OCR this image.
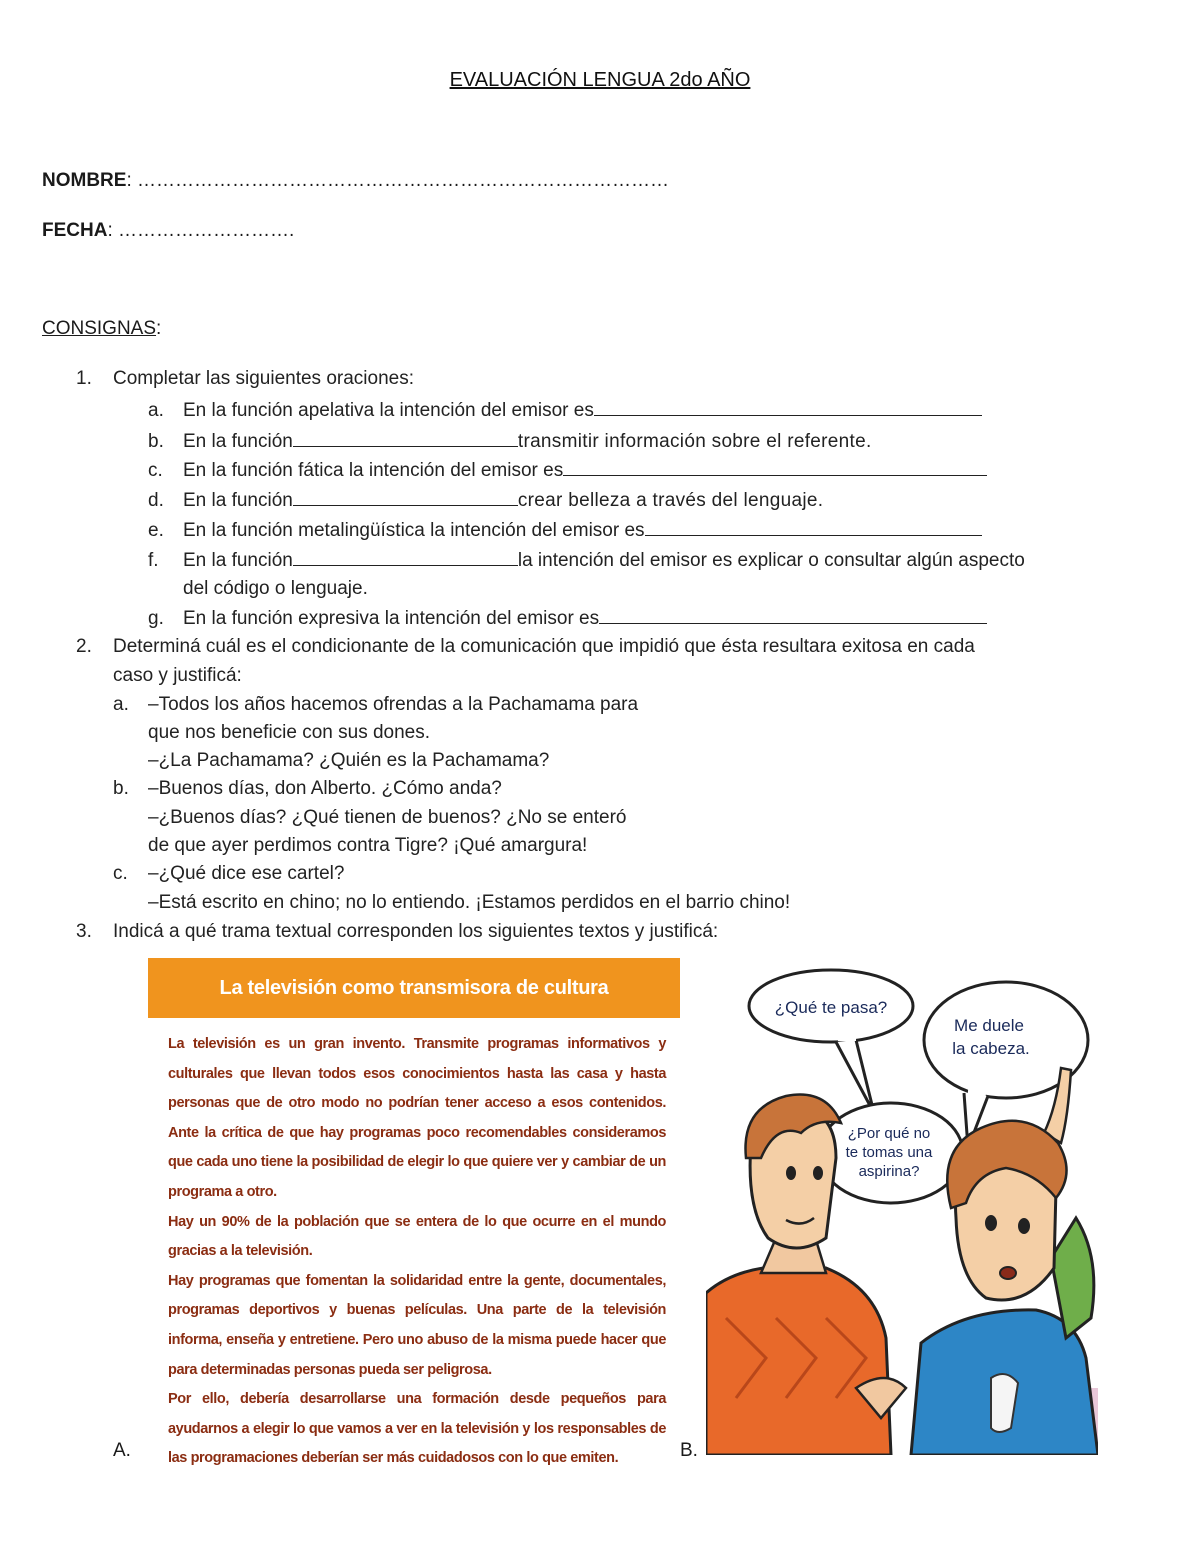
EVALUACIÓN LENGUA 2do AÑO
NOMBRE: …………………………………………………………………………
FECHA: ……………………….
CONSIGNAS:
1. Completar las siguientes oraciones:
a. En la función apelativa la intención del emisor es
b. En la función	transmitir información sobre el referente.
c. En la función fática la intención del emisor es
d. En la función	crear belleza a través del lenguaje.
e. En la función metalingüística la intención del emisor es
f. En la función	la intención del emisor es explicar o consultar algún aspecto
del código o lenguaje.
g. En la función expresiva la intención del emisor es
2. Determiná cuál es el condicionante de la comunicación que impidió que ésta resultara exitosa en cada
caso y justificá:
a. –Todos los años hacemos ofrendas a la Pachamama para
que nos beneficie con sus dones.
–¿La Pachamama? ¿Quién es la Pachamama?
b. –Buenos días, don Alberto. ¿Cómo anda?
–¿Buenos días? ¿Qué tienen de buenos? ¿No se enteró
de que ayer perdimos contra Tigre? ¡Qué amargura!
c. –¿Qué dice ese cartel?
–Está escrito en chino; no lo entiendo. ¡Estamos perdidos en el barrio chino!
3. Indicá a qué trama textual corresponden los siguientes textos y justificá:
La televisión como transmisora de cultura

La televisión es un gran invento. Transmite programas informativos y culturales que llevan todos esos conocimientos hasta las casa y hasta personas que de otro modo no podrían tener acceso a esos contenidos. Ante la crítica de que hay programas poco recomendables consideramos que cada uno tiene la posibilidad de elegir lo que quiere ver y cambiar de un programa a otro.

Hay un 90% de la población que se entera de lo que ocurre en el mundo gracias a la televisión.

Hay programas que fomentan la solidaridad entre la gente, documentales, programas deportivos y buenas películas. Una parte de la televisión informa, enseña y entretiene. Pero uno abuso de la misma puede hacer que para determinadas personas pueda ser peligrosa.

Por ello, debería desarrollarse una formación desde pequeños para ayudarnos a elegir lo que vamos a ver en la televisión y los responsables de las programaciones deberían ser más cuidadosos con lo que emiten.

¿Qué te pasa?
Me duele
la cabeza.
¿Por qué no
te tomas una
aspirina?
A.	B.
